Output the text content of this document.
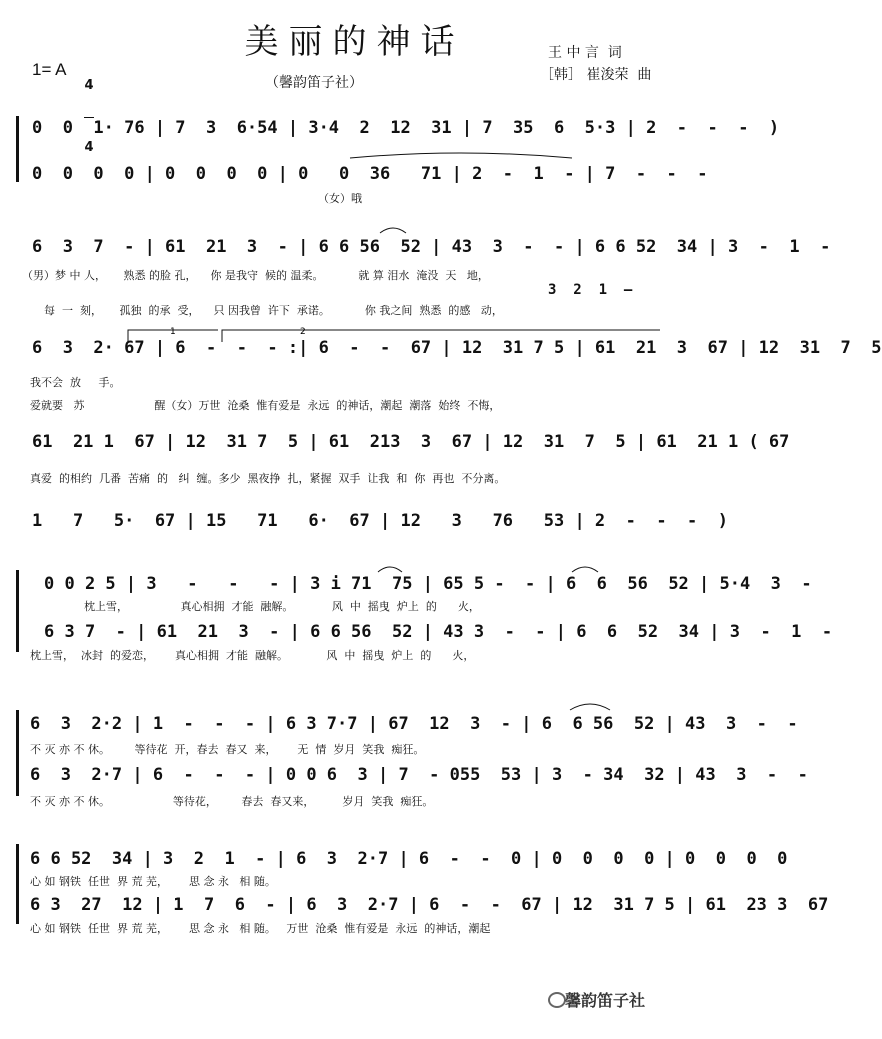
美丽的神话
1= A

4

4

（馨韵笛子社）
王 中 言  词
［韩］ 崔浚荣  曲
0  0  1· 76 | 7  3  6·54 | 3·4  2  12  31 | 7  35  6  5·3 | 2  -  -  -  )
0  0  0  0 | 0  0  0  0 | 0   0  36   71 | 2  -  1  - | 7  -  -  -
6  3  7  - | 61  21  3  - | 6 6 56  52 | 43  3  -  - | 6 6 52  34 | 3  -  1  -
6  3  2· 67 | 6  -  -  - :| 6  -  -  67 | 12  31 7 5 | 61  21  3  67 | 12  31  7  5
61  21 1  67 | 12  31 7  5 | 61  213  3  67 | 12  31  7  5 | 61  21 1 ( 67
1   7   5·  67 | 15   71   6·  67 | 12   3   76   53 | 2  -  -  -  )
0 0 2 5 | 3   -   -   - | 3 i 71  75 | 65 5 -  - | 6  6  56  52 | 5·4  3  -
6 3 7  - | 61  21  3  - | 6 6 56  52 | 43 3  -  - | 6  6  52  34 | 3  -  1  -
6  3  2·2 | 1  -  -  - | 6 3 7·7 | 67  12  3  - | 6  6 56  52 | 43  3  -  -
6  3  2·7 | 6  -  -  - | 0 0 6  3 | 7  - 055  53 | 3  - 34  32 | 43  3  -  -
6 6 52  34 | 3  2  1  - | 6  3  2·7 | 6  -  -  0 | 0  0  0  0 | 0  0  0  0
6 3  27  12 | 1  7  6  - | 6  3  2·7 | 6  -  -  67 | 12  31 7 5 | 61  23 3  67
（女）哦
（男）梦 中 人，     熟悉 的脸 孔，    你 是我守  候的 温柔。          就 算 泪水  淹没  天   地，
每  一  刻，     孤独  的承  受，    只 因我曾  许下  承诺。          你 我之间  熟悉  的感   动，
3  2  1  –
我不会  放     手。
爱就要   苏                    醒（女）万世  沧桑  惟有爱是  永远  的神话，潮起  潮落  始终  不悔，
真爱  的相约  几番  苦痛  的   纠  缠。多少  黑夜挣  扎，紧握  双手  让我  和  你  再也  不分离。
枕上雪，               真心相拥  才能  融解。           风  中  摇曳  炉上  的      火，
枕上雪，  冰封  的爱恋，      真心相拥  才能  融解。           风  中  摇曳  炉上  的      火，
不 灭 亦 不 休。       等待花  开，春去  春又  来，      无  情  岁月  笑我  痴狂。
不 灭 亦 不 休。                  等待花，       春去  春又来，        岁月  笑我  痴狂。
心 如 钢铁  任世  界 荒 芜，      思 念 永   相 随。
心 如 钢铁  任世  界 荒 芜，      思 念 永   相 随。   万世  沧桑  惟有爱是  永远  的神话，潮起
1	2
馨韵笛子社
